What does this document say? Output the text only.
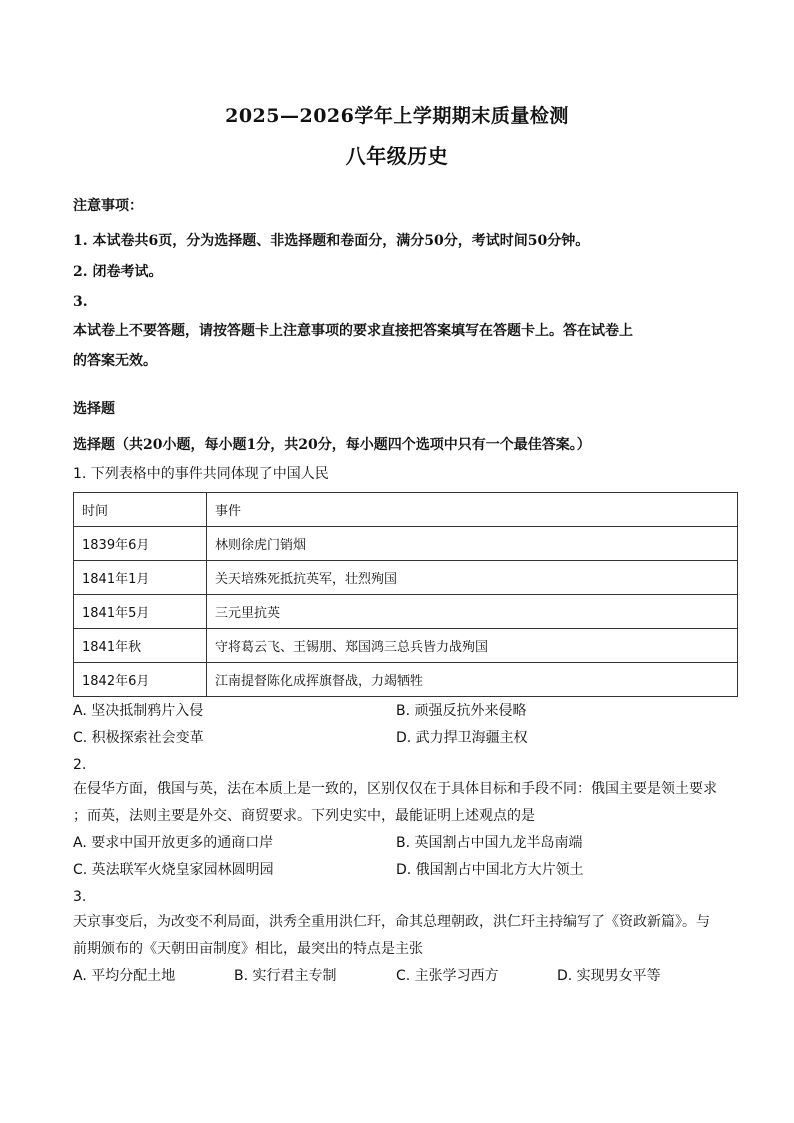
2025—2026学年上学期期末质量检测
八年级历史
注意事项：
1. 本试卷共6页，分为选择题、非选择题和卷面分，满分50分，考试时间50分钟。
2. 闭卷考试。
3.
本试卷上不要答题，请按答题卡上注意事项的要求直接把答案填写在答题卡上。答在试卷上
的答案无效。
选择题
选择题（共20小题，每小题1分，共20分，每小题四个选项中只有一个最佳答案。）
1. 下列表格中的事件共同体现了中国人民
时间	事件
1839年6月	林则徐虎门销烟
1841年1月	关天培殊死抵抗英军，壮烈殉国
1841年5月	三元里抗英
1841年秋	守将葛云飞、王锡朋、郑国鸿三总兵皆力战殉国
1842年6月	江南提督陈化成挥旗督战，力竭牺牲
A. 坚决抵制鸦片入侵	B. 顽强反抗外来侵略
C. 积极探索社会变革	D. 武力捍卫海疆主权
2.
在侵华方面，俄国与英，法在本质上是一致的，区别仅仅在于具体目标和手段不同：俄国主要是领土要求
；而英，法则主要是外交、商贸要求。下列史实中，最能证明上述观点的是
A. 要求中国开放更多的通商口岸	B. 英国割占中国九龙半岛南端
C. 英法联军火烧皇家园林圆明园	D. 俄国割占中国北方大片领土
3.
天京事变后，为改变不利局面，洪秀全重用洪仁玕，命其总理朝政，洪仁玕主持编写了《资政新篇》。与
前期颁布的《天朝田亩制度》相比，最突出的特点是主张
A. 平均分配土地	B. 实行君主专制	C. 主张学习西方	D. 实现男女平等
